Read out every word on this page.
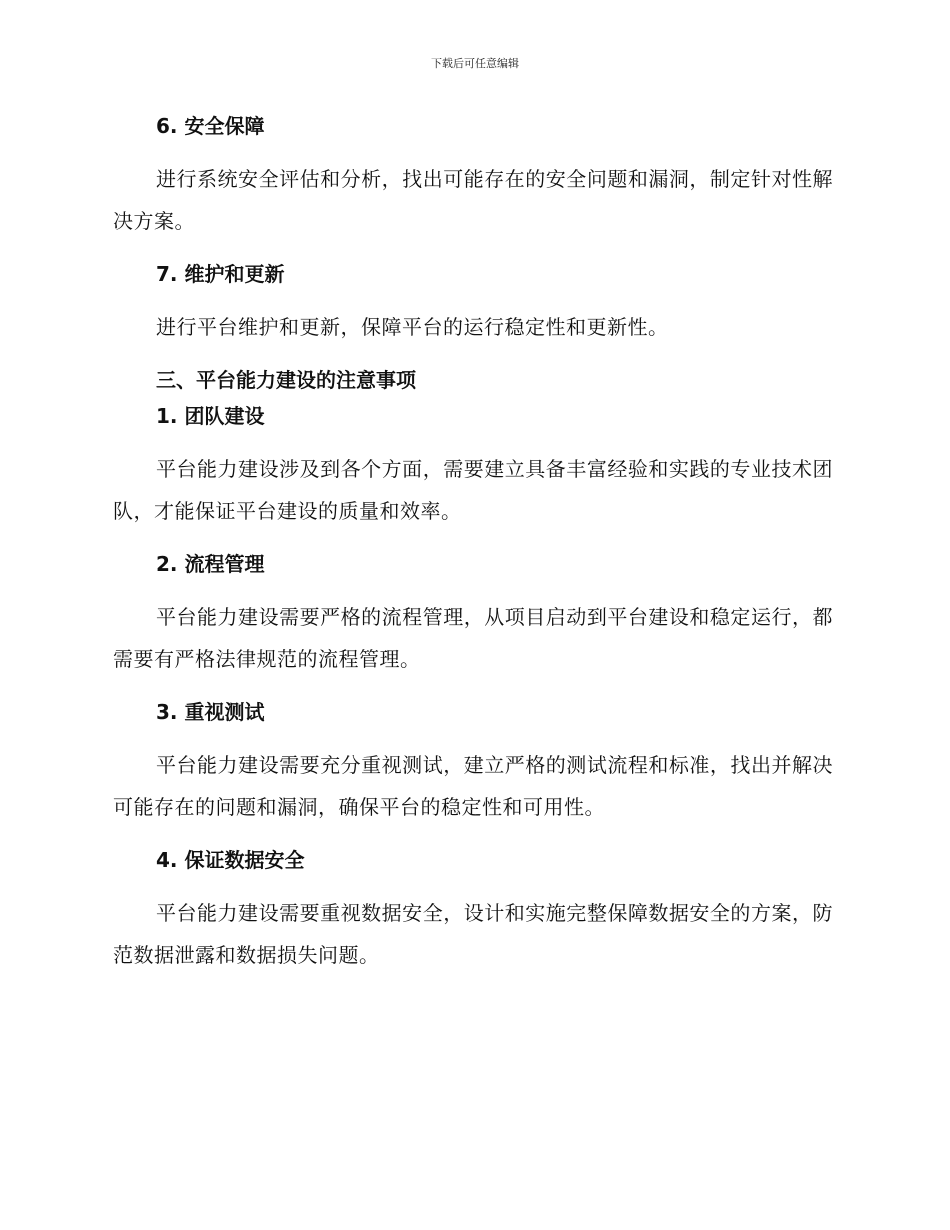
下载后可任意编辑
6. 安全保障

进行系统安全评估和分析，找出可能存在的安全问题和漏洞，制定针对性解决方案。

7. 维护和更新

进行平台维护和更新，保障平台的运行稳定性和更新性。

三、平台能力建设的注意事项
1. 团队建设

平台能力建设涉及到各个方面，需要建立具备丰富经验和实践的专业技术团队，才能保证平台建设的质量和效率。

2. 流程管理

平台能力建设需要严格的流程管理，从项目启动到平台建设和稳定运行，都需要有严格法律规范的流程管理。

3. 重视测试

平台能力建设需要充分重视测试，建立严格的测试流程和标准，找出并解决可能存在的问题和漏洞，确保平台的稳定性和可用性。

4. 保证数据安全

平台能力建设需要重视数据安全，设计和实施完整保障数据安全的方案，防范数据泄露和数据损失问题。
